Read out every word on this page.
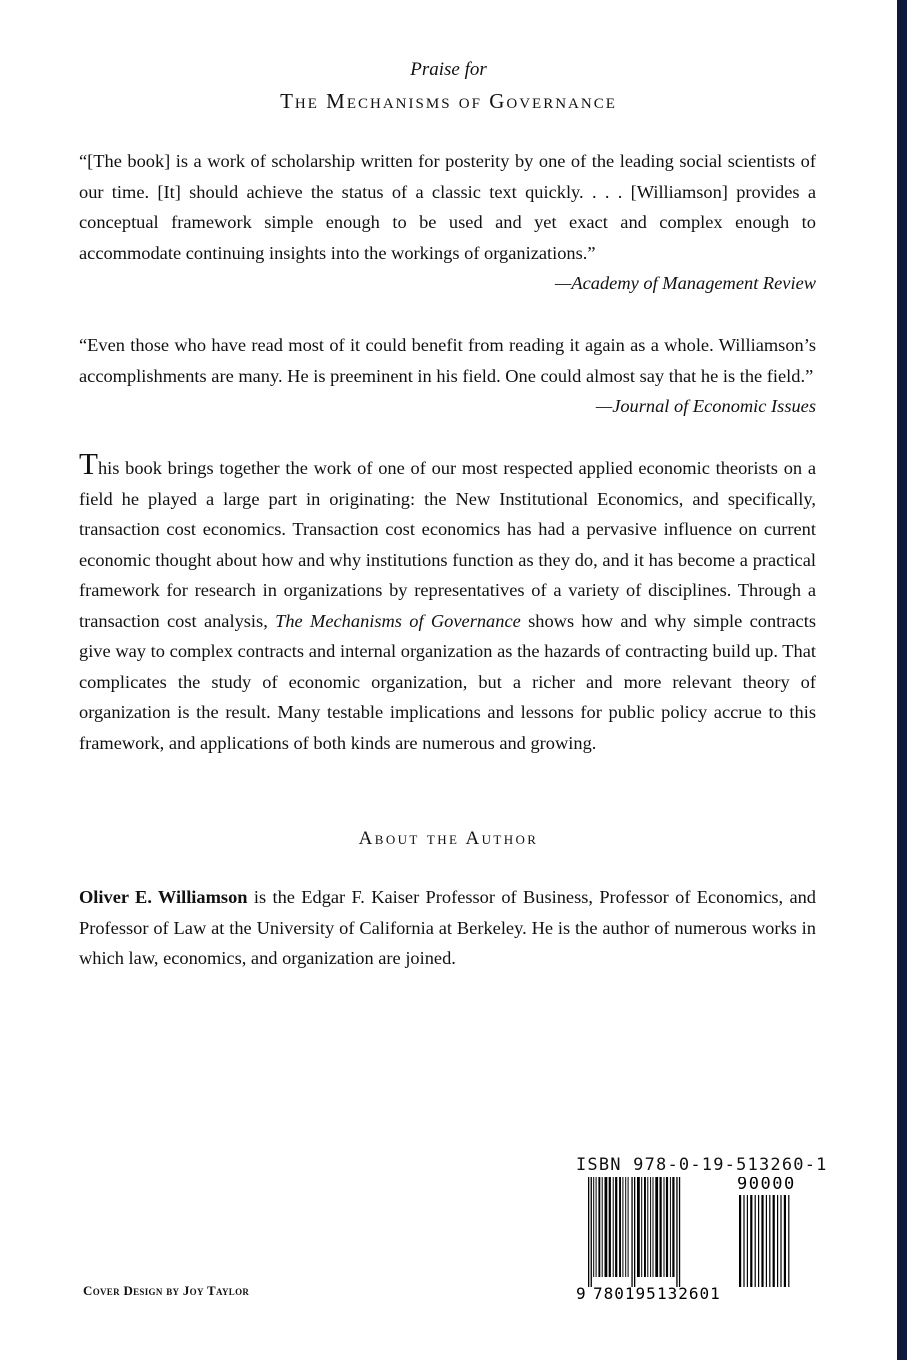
Praise for
The Mechanisms of Governance
“[The book] is a work of scholarship written for posterity by one of the leading social scientists of our time. [It] should achieve the status of a classic text quickly. . . . [Williamson] provides a conceptual framework simple enough to be used and yet exact and complex enough to accommodate continuing insights into the workings of organizations.”
—Academy of Management Review
“Even those who have read most of it could benefit from reading it again as a whole. Williamson’s accomplishments are many. He is preeminent in his field. One could almost say that he is the field.”
—Journal of Economic Issues
This book brings together the work of one of our most respected applied economic theorists on a field he played a large part in originating: the New Institutional Economics, and specifically, transaction cost economics. Transaction cost economics has had a pervasive influence on current economic thought about how and why institutions function as they do, and it has become a practical framework for research in organizations by representatives of a variety of disciplines. Through a transaction cost analysis, The Mechanisms of Governance shows how and why simple contracts give way to complex contracts and internal organization as the hazards of contracting build up. That complicates the study of economic organization, but a richer and more relevant theory of organization is the result. Many testable implications and lessons for public policy accrue to this framework, and applications of both kinds are numerous and growing.
About the Author
Oliver E. Williamson is the Edgar F. Kaiser Professor of Business, Professor of Economics, and Professor of Law at the University of California at Berkeley. He is the author of numerous works in which law, economics, and organization are joined.
Cover Design by Joy Taylor
ISBN 978-0-19-513260-1
90000
9 780195 132601
